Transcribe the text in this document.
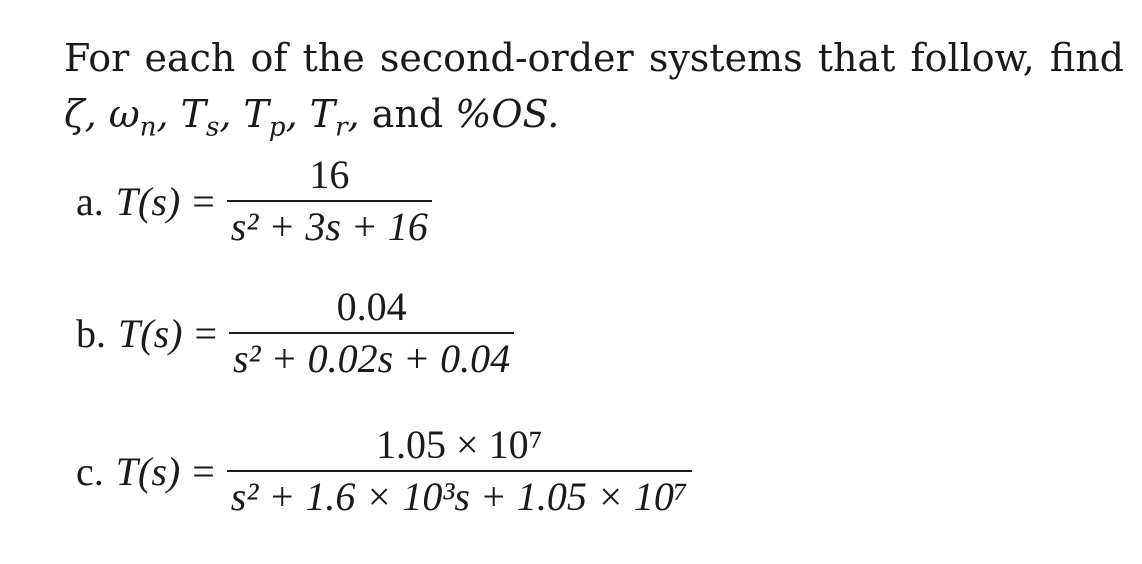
For each of the second-order systems that follow, find
ζ, $\omega_n$, $T_s$, $T_p$, $T_r$, and %OS.
a. $T(s) = \frac{16}{\text{s² + 3s + 16}}$
b. $T(s) = \frac{0.04}{\text{s² + 0.02s + 0.04}}$
c. $T(s) = \frac{\text{1.05 × 10⁷}}{\text{s² + 1.6 × 10³s + 1.05 × 10⁷}}$
